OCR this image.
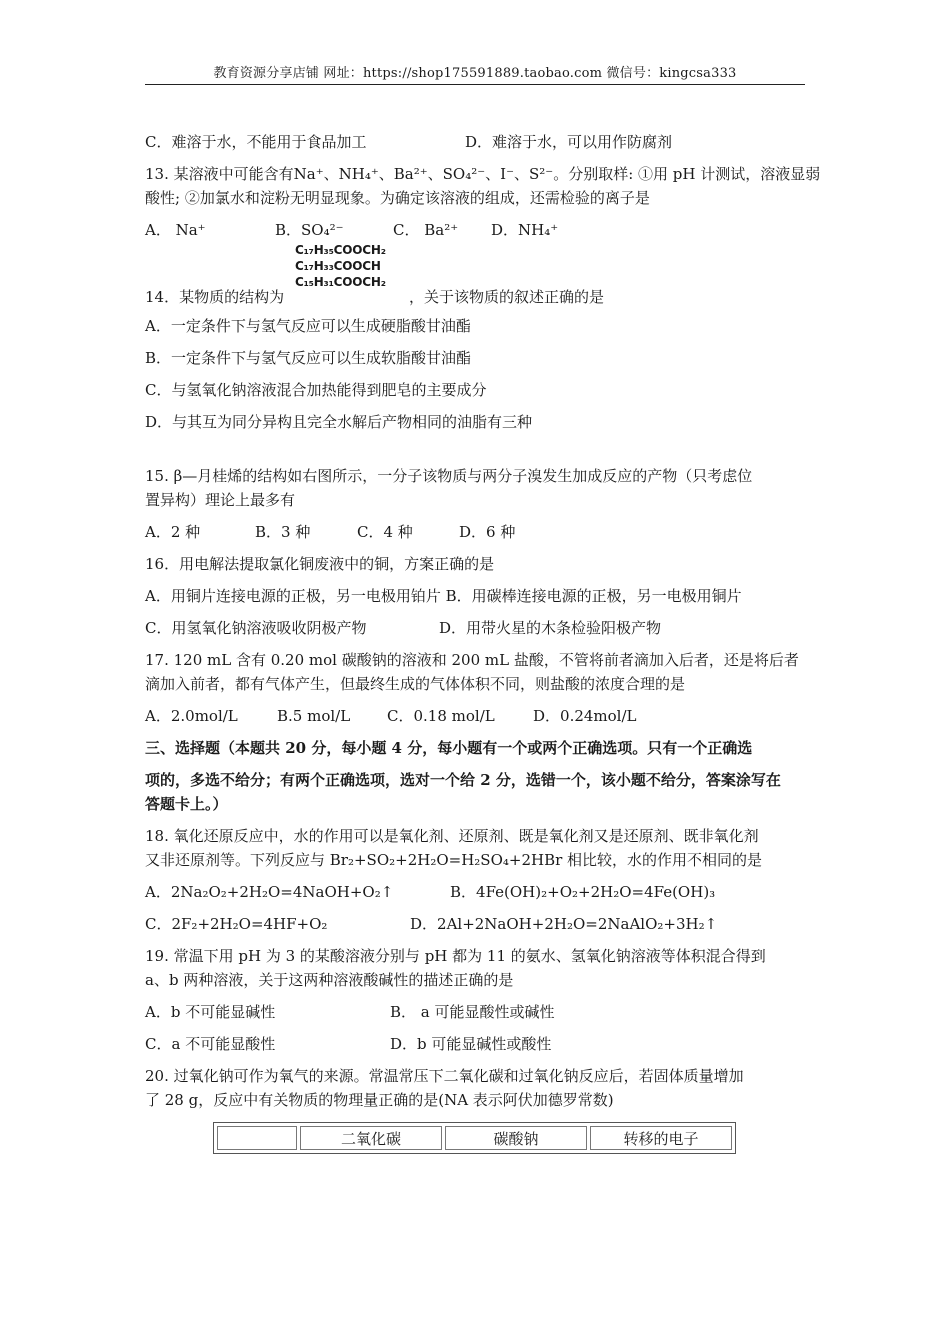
教育资源分享店铺 网址：https://shop175591889.taobao.com 微信号：kingcsa333
C．难溶于水，不能用于食品加工	D．难溶于水，可以用作防腐剂
13. 某溶液中可能含有Na⁺、NH₄⁺、Ba²⁺、SO₄²⁻、I⁻、S²⁻。分别取样: ①用 pH 计测试，溶液显弱
酸性; ②加氯水和淀粉无明显现象。为确定该溶液的组成，还需检验的离子是
A． Na⁺	B．SO₄²⁻	C． Ba²⁺ D．NH₄⁺
C₁₇H₃₅COOCH₂
C₁₇H₃₃COOCH
C₁₅H₃₁COOCH₂
14．某物质的结构为	，关于该物质的叙述正确的是
A．一定条件下与氢气反应可以生成硬脂酸甘油酯
B．一定条件下与氢气反应可以生成软脂酸甘油酯
C．与氢氧化钠溶液混合加热能得到肥皂的主要成分
D．与其互为同分异构且完全水解后产物相同的油脂有三种
15. β—月桂烯的结构如右图所示，一分子该物质与两分子溴发生加成反应的产物（只考虑位
置异构）理论上最多有
A．2 种	B．3 种	C．4 种	D．6 种
16．用电解法提取氯化铜废液中的铜，方案正确的是
A．用铜片连接电源的正极，另一电极用铂片 B．用碳棒连接电源的正极，另一电极用铜片
C．用氢氧化钠溶液吸收阴极产物	D．用带火星的木条检验阳极产物
17. 120 mL 含有 0.20 mol 碳酸钠的溶液和 200 mL 盐酸，不管将前者滴加入后者，还是将后者
滴加入前者，都有气体产生，但最终生成的气体体积不同，则盐酸的浓度合理的是
A．2.0mol/L	B.5 mol/L C．0.18 mol/L	D．0.24mol/L
三、选择题（本题共 20 分，每小题 4 分，每小题有一个或两个正确选项。只有一个正确选
项的，多选不给分；有两个正确选项，选对一个给 2 分，选错一个，该小题不给分，答案涂写在
答题卡上。）
18. 氧化还原反应中，水的作用可以是氧化剂、还原剂、既是氧化剂又是还原剂、既非氧化剂
又非还原剂等。下列反应与 Br₂+SO₂+2H₂O=H₂SO₄+2HBr 相比较，水的作用不相同的是
A．2Na₂O₂+2H₂O=4NaOH+O₂↑	B．4Fe(OH)₂+O₂+2H₂O=4Fe(OH)₃
C．2F₂+2H₂O=4HF+O₂	D．2Al+2NaOH+2H₂O=2NaAlO₂+3H₂↑
19. 常温下用 pH 为 3 的某酸溶液分别与 pH 都为 11 的氨水、氢氧化钠溶液等体积混合得到
a、b 两种溶液，关于这两种溶液酸碱性的描述正确的是
A．b 不可能显碱性	B． a 可能显酸性或碱性
C．a 不可能显酸性	D．b 可能显碱性或酸性
20. 过氧化钠可作为氧气的来源。常温常压下二氧化碳和过氧化钠反应后，若固体质量增加
了 28 g，反应中有关物质的物理量正确的是(NA 表示阿伏加德罗常数)
	二氧化碳	碳酸钠	转移的电子
